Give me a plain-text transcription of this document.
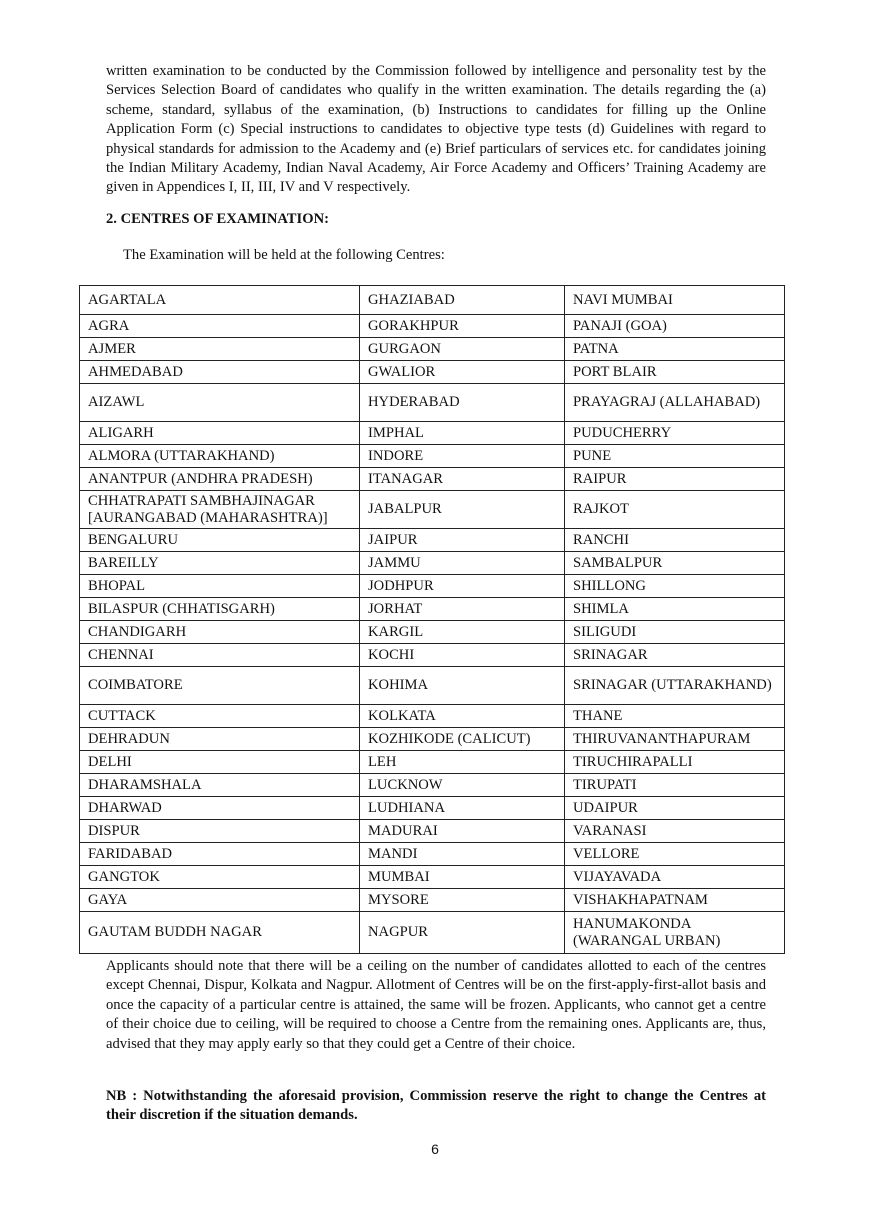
written examination to be conducted by the Commission followed by intelligence and personality test by the Services Selection Board of candidates who qualify in the written examination. The details regarding the (a) scheme, standard, syllabus of the examination, (b) Instructions to candidates for filling up the Online Application Form (c) Special instructions to candidates to objective type tests (d) Guidelines with regard to physical standards for admission to the Academy and (e) Brief particulars of services etc. for candidates joining the Indian Military Academy, Indian Naval Academy, Air Force Academy and Officers’ Training Academy are given in Appendices I, II, III, IV and V respectively.

2. CENTRES OF EXAMINATION:

The Examination will be held at the following Centres:

AGARTALA	GHAZIABAD	NAVI MUMBAI
AGRA	GORAKHPUR	PANAJI (GOA)
AJMER	GURGAON	PATNA
AHMEDABAD	GWALIOR	PORT BLAIR
AIZAWL	HYDERABAD	PRAYAGRAJ (ALLAHABAD)
ALIGARH	IMPHAL	PUDUCHERRY
ALMORA (UTTARAKHAND)	INDORE	PUNE
ANANTPUR (ANDHRA PRADESH)	ITANAGAR	RAIPUR
CHHATRAPATI SAMBHAJINAGAR [AURANGABAD (MAHARASHTRA)]	JABALPUR	RAJKOT
BENGALURU	JAIPUR	RANCHI
BAREILLY	JAMMU	SAMBALPUR
BHOPAL	JODHPUR	SHILLONG
BILASPUR (CHHATISGARH)	JORHAT	SHIMLA
CHANDIGARH	KARGIL	SILIGUDI
CHENNAI	KOCHI	SRINAGAR
COIMBATORE	KOHIMA	SRINAGAR (UTTARAKHAND)
CUTTACK	KOLKATA	THANE
DEHRADUN	KOZHIKODE (CALICUT)	THIRUVANANTHAPURAM
DELHI	LEH	TIRUCHIRAPALLI
DHARAMSHALA	LUCKNOW	TIRUPATI
DHARWAD	LUDHIANA	UDAIPUR
DISPUR	MADURAI	VARANASI
FARIDABAD	MANDI	VELLORE
GANGTOK	MUMBAI	VIJAYAVADA
GAYA	MYSORE	VISHAKHAPATNAM
GAUTAM BUDDH NAGAR	NAGPUR	HANUMAKONDA (WARANGAL URBAN)

Applicants should note that there will be a ceiling on the number of candidates allotted to each of the centres except Chennai, Dispur, Kolkata and Nagpur. Allotment of Centres will be on the first-apply-first-allot basis and once the capacity of a particular centre is attained, the same will be frozen. Applicants, who cannot get a centre of their choice due to ceiling, will be required to choose a Centre from the remaining ones. Applicants are, thus, advised that they may apply early so that they could get a Centre of their choice.

NB : Notwithstanding the aforesaid provision, Commission reserve the right to change the Centres at their discretion if the situation demands.

6
